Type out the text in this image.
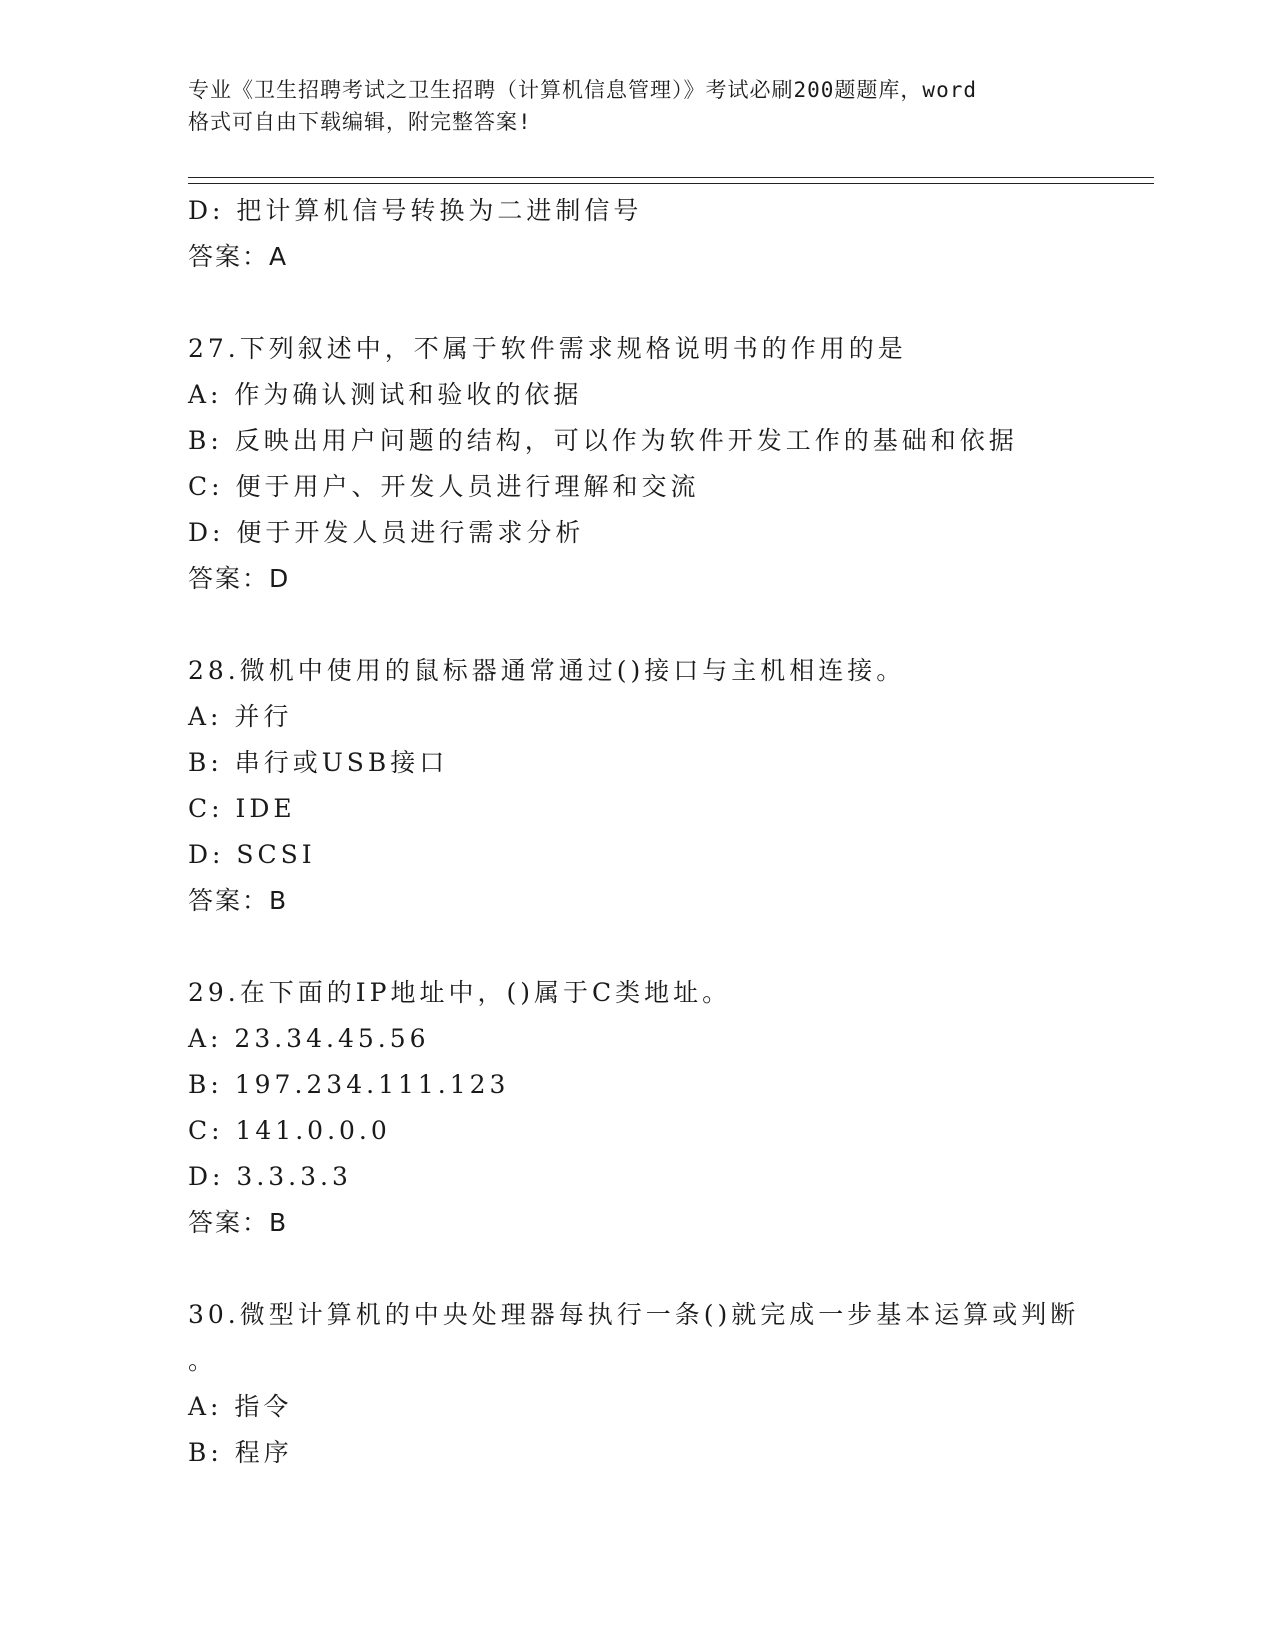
专业《卫生招聘考试之卫生招聘（计算机信息管理）》考试必刷200题题库，word
格式可自由下载编辑，附完整答案!
D: 把计算机信号转换为二进制信号
答案：A
27.下列叙述中，不属于软件需求规格说明书的作用的是
A: 作为确认测试和验收的依据
B: 反映出用户问题的结构，可以作为软件开发工作的基础和依据
C: 便于用户、开发人员进行理解和交流
D: 便于开发人员进行需求分析
答案：D
28.微机中使用的鼠标器通常通过()接口与主机相连接。
A: 并行
B: 串行或USB接口
C: IDE
D: SCSI
答案：B
29.在下面的IP地址中，()属于C类地址。
A: 23.34.45.56
B: 197.234.111.123
C: 141.0.0.0
D: 3.3.3.3
答案：B
30.微型计算机的中央处理器每执行一条()就完成一步基本运算或判断
。
A: 指令
B: 程序
